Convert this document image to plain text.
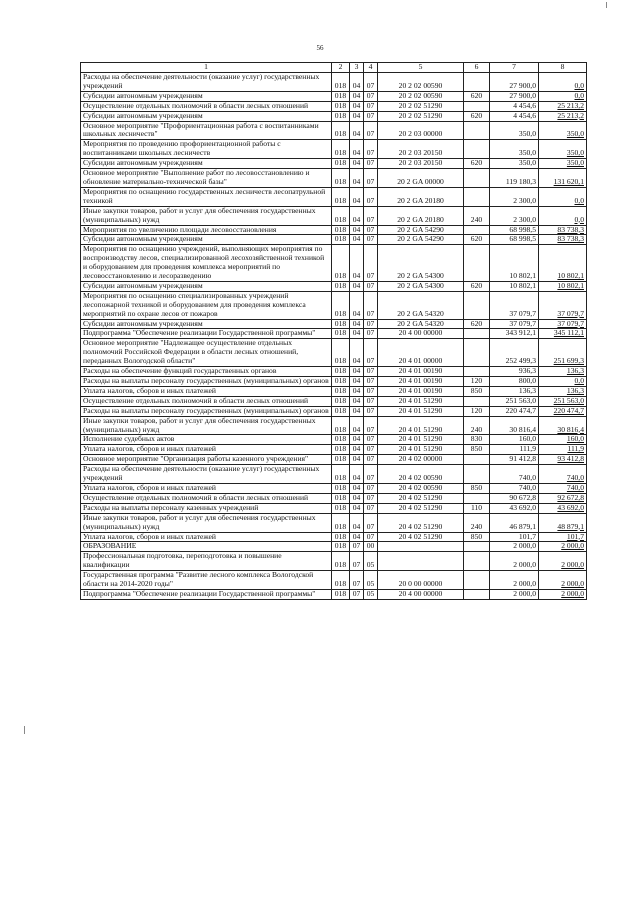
56
1	2	3	4	5	6	7	8
Расходы на обеспечение деятельности (оказание услуг) государственных учреждений	018	04	07	20 2 02 00590		27 900,0	0,0
Субсидии автономным учреждениям	018	04	07	20 2 02 00590	620	27 900,0	0,0
Осуществление отдельных полномочий в области лесных отношений	018	04	07	20 2 02 51290		4 454,6	25 213,2
Субсидии автономным учреждениям	018	04	07	20 2 02 51290	620	4 454,6	25 213,2
Основное мероприятие "Профориентационная работа с воспитанниками школьных лесничеств"	018	04	07	20 2 03 00000		350,0	350,0
Мероприятия по проведению профориентационной работы с воспитанниками школьных лесничеств	018	04	07	20 2 03 20150		350,0	350,0
Субсидии автономным учреждениям	018	04	07	20 2 03 20150	620	350,0	350,0
Основное мероприятие "Выполнение работ по лесовосстановлению и обновление материально-технической базы"	018	04	07	20 2 GA 00000		119 180,3	131 620,1
Мероприятия по оснащению государственных лесничеств лесопатрульной техникой	018	04	07	20 2 GA 20180		2 300,0	0,0
Иные закупки товаров, работ и услуг для обеспечения государственных (муниципальных) нужд	018	04	07	20 2 GA 20180	240	2 300,0	0,0
Мероприятия по увеличению площади лесовосстановления	018	04	07	20 2 GA 54290		68 998,5	83 738,3
Субсидии автономным учреждениям	018	04	07	20 2 GA 54290	620	68 998,5	83 738,3
Мероприятия по оснащению учреждений, выполняющих мероприятия по воспроизводству лесов, специализированной лесохозяйственной техникой и оборудованием для проведения комплекса мероприятий по лесовосстановлению и лесоразведению	018	04	07	20 2 GA 54300		10 802,1	10 802,1
Субсидии автономным учреждениям	018	04	07	20 2 GA 54300	620	10 802,1	10 802,1
Мероприятия по оснащению специализированных учреждений лесопожарной техникой и оборудованием для проведения комплекса мероприятий по охране лесов от пожаров	018	04	07	20 2 GA 54320		37 079,7	37 079,7
Субсидии автономным учреждениям	018	04	07	20 2 GA 54320	620	37 079,7	37 079,7
Подпрограмма "Обеспечение реализации Государственной программы"	018	04	07	20 4 00 00000		343 912,1	345 112,1
Основное мероприятие "Надлежащее осуществление отдельных полномочий Российской Федерации в области лесных отношений, переданных Вологодской области"	018	04	07	20 4 01 00000		252 499,3	251 699,3
Расходы на обеспечение функций государственных органов	018	04	07	20 4 01 00190		936,3	136,3
Расходы на выплаты персоналу государственных (муниципальных) органов	018	04	07	20 4 01 00190	120	800,0	0,0
Уплата налогов, сборов и иных платежей	018	04	07	20 4 01 00190	850	136,3	136,3
Осуществление отдельных полномочий в области лесных отношений	018	04	07	20 4 01 51290		251 563,0	251 563,0
Расходы на выплаты персоналу государственных (муниципальных) органов	018	04	07	20 4 01 51290	120	220 474,7	220 474,7
Иные закупки товаров, работ и услуг для обеспечения государственных (муниципальных) нужд	018	04	07	20 4 01 51290	240	30 816,4	30 816,4
Исполнение судебных актов	018	04	07	20 4 01 51290	830	160,0	160,0
Уплата налогов, сборов и иных платежей	018	04	07	20 4 01 51290	850	111,9	111,9
Основное мероприятие "Организация работы казенного учреждения"	018	04	07	20 4 02 00000		91 412,8	93 412,8
Расходы на обеспечение деятельности (оказание услуг) государственных учреждений	018	04	07	20 4 02 00590		740,0	740,0
Уплата налогов, сборов и иных платежей	018	04	07	20 4 02 00590	850	740,0	740,0
Осуществление отдельных полномочий в области лесных отношений	018	04	07	20 4 02 51290		90 672,8	92 672,8
Расходы на выплаты персоналу казенных учреждений	018	04	07	20 4 02 51290	110	43 692,0	43 692,0
Иные закупки товаров, работ и услуг для обеспечения государственных (муниципальных) нужд	018	04	07	20 4 02 51290	240	46 879,1	48 879,1
Уплата налогов, сборов и иных платежей	018	04	07	20 4 02 51290	850	101,7	101,7
ОБРАЗОВАНИЕ	018	07	00			2 000,0	2 000,0
Профессиональная подготовка, переподготовка и повышение квалификации	018	07	05			2 000,0	2 000,0
Государственная программа "Развитие лесного комплекса Вологодской области на 2014-2020 годы"	018	07	05	20 0 00 00000		2 000,0	2 000,0
Подпрограмма "Обеспечение реализации Государственной программы"	018	07	05	20 4 00 00000		2 000,0	2 000,0
